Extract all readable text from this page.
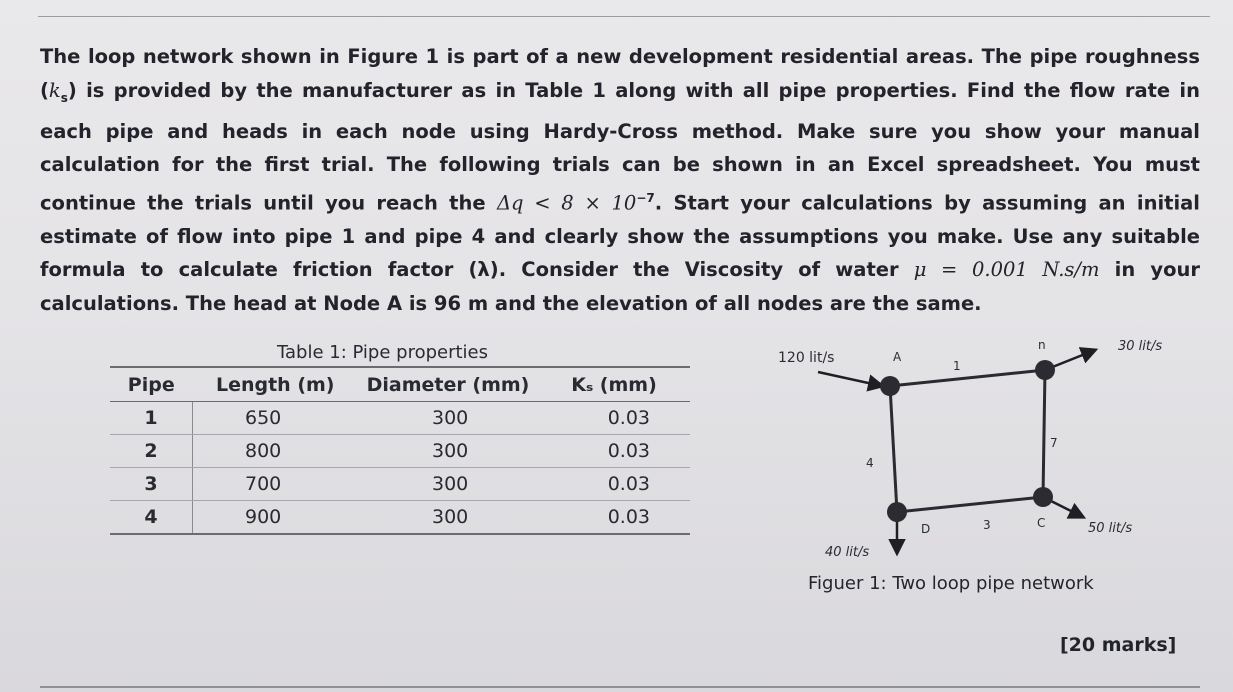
The loop network shown in Figure 1 is part of a new development residential areas. The pipe roughness $(k_s)$ is provided by the manufacturer as in Table 1 along with all pipe properties. Find the flow rate in each pipe and heads in each node using Hardy-Cross method. Make sure you show your manual calculation for the first trial. The following trials can be shown in an Excel spreadsheet. You must continue the trials until you reach the $\Delta q < 8 \times 10^{-7}$. Start your calculations by assuming an initial estimate of flow into pipe 1 and pipe 4 and clearly show the assumptions you make. Use any suitable formula to calculate friction factor (λ). Consider the Viscosity of water μ = 0.001 N.s/m in your calculations. The head at Node A is 96 m and the elevation of all nodes are the same.

Table 1: Pipe properties
Pipe	Length (m)	Diameter (mm)	Kₛ (mm)
1	650	300	0.03
2	800	300	0.03
3	700	300	0.03
4	900	300	0.03
120 lit/s	A
1
n	30 lit/s
7
4
D	3	C	50 lit/s
40 lit/s
Figuer 1: Two loop pipe network
[20 marks]
